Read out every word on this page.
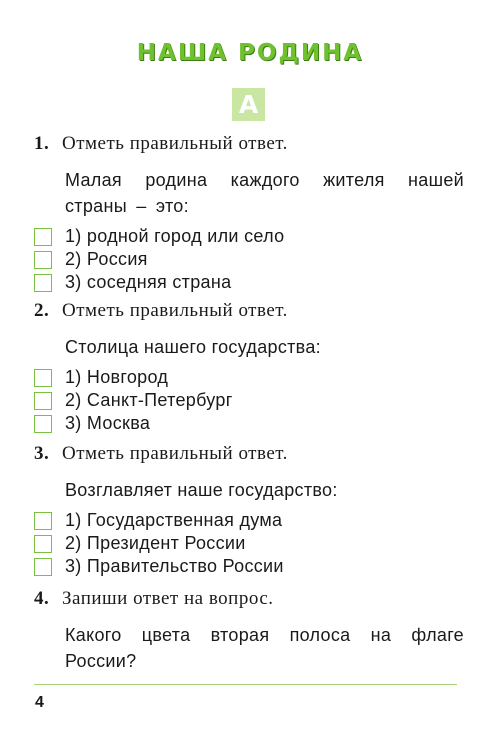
НАША РОДИНА
А
1. Отметь правильный ответ.
Малая родина каждого жителя нашей страны – это:
1) родной город или село
2) Россия
3) соседняя страна
2. Отметь правильный ответ.
Столица нашего государства:
1) Новгород
2) Санкт-Петербург
3) Москва
3. Отметь правильный ответ.
Возглавляет наше государство:
1) Государственная дума
2) Президент России
3) Правительство России
4. Запиши ответ на вопрос.
Какого цвета вторая полоса на флаге России?
4
